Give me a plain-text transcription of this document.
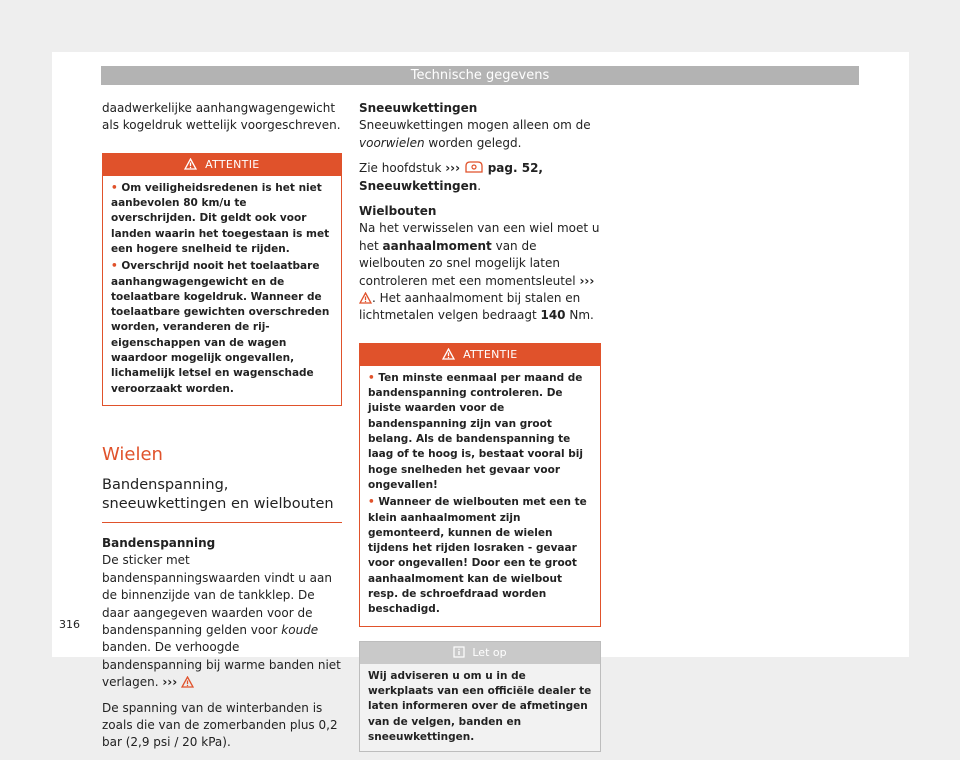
Technische gegevens

daadwerkelijke aanhangwagengewicht als kogeldruk wettelijk voorgeschreven.

ATTENTIE
• Om veiligheidsredenen is het niet aanbevolen 80 km/u te overschrijden. Dit geldt ook voor landen waarin het toegestaan is met een hogere snelheid te rijden.
• Overschrijd nooit het toelaatbare aanhangwagengewicht en de toelaatbare kogeldruk. Wanneer de toelaatbare gewichten overschreden worden, veranderen de rij-eigenschappen van de wagen waardoor mogelijk ongevallen, lichamelijk letsel en wagenschade veroorzaakt worden.
Wielen
Bandenspanning, sneeuwkettingen en wielbouten

Bandenspanning
De sticker met bandenspanningswaarden vindt u aan de binnenzijde van de tankklep. De daar aangegeven waarden voor de bandenspanning gelden voor koude banden. De verhoogde bandenspanning bij warme banden niet verlagen. ›››

De spanning van de winterbanden is zoals die van de zomerbanden plus 0,2 bar (2,9 psi / 20 kPa).

Sneeuwkettingen
Sneeuwkettingen mogen alleen om de voorwielen worden gelegd.

Zie hoofdstuk ›››  pag. 52, Sneeuwkettingen.

Wielbouten
Na het verwisselen van een wiel moet u het aanhaalmoment van de wielbouten zo snel mogelijk laten controleren met een momentsleutel ››› . Het aanhaalmoment bij stalen en lichtmetalen velgen bedraagt 140 Nm.

ATTENTIE
• Ten minste eenmaal per maand de bandenspanning controleren. De juiste waarden voor de bandenspanning zijn van groot belang. Als de bandenspanning te laag of te hoog is, bestaat vooral bij hoge snelheden het gevaar voor ongevallen!
• Wanneer de wielbouten met een te klein aanhaalmoment zijn gemonteerd, kunnen de wielen tijdens het rijden losraken - gevaar voor ongevallen! Door een te groot aanhaalmoment kan de wielbout resp. de schroefdraad worden beschadigd.
Let op
Wij adviseren u om u in de werkplaats van een officiële dealer te laten informeren over de afmetingen van de velgen, banden en sneeuwkettingen.
316
